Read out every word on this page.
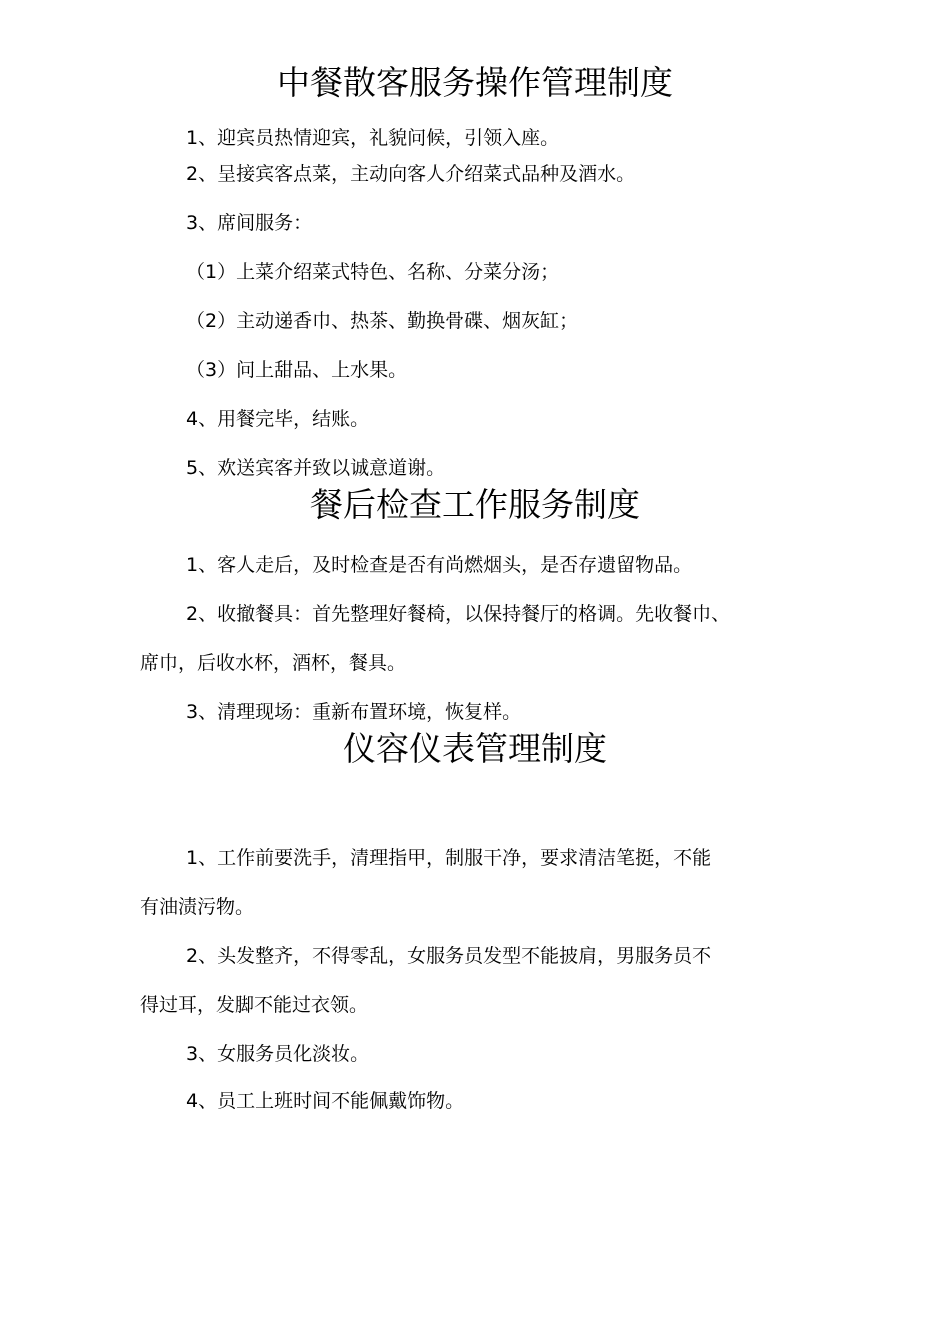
中餐散客服务操作管理制度
1、迎宾员热情迎宾，礼貌问候，引领入座。
2、呈接宾客点菜，主动向客人介绍菜式品种及酒水。
3、席间服务：
（1）上菜介绍菜式特色、名称、分菜分汤；
（2）主动递香巾、热茶、勤换骨碟、烟灰缸；
（3）问上甜品、上水果。
4、用餐完毕，结账。
5、欢送宾客并致以诚意道谢。
餐后检查工作服务制度
1、客人走后，及时检查是否有尚燃烟头，是否存遗留物品。
2、收撤餐具：首先整理好餐椅，以保持餐厅的格调。先收餐巾、
席巾，后收水杯，酒杯，餐具。
3、清理现场：重新布置环境，恢复样。
仪容仪表管理制度
1、工作前要洗手，清理指甲，制服干净，要求清洁笔挺，不能
有油渍污物。
2、头发整齐，不得零乱，女服务员发型不能披肩，男服务员不
得过耳，发脚不能过衣领。
3、女服务员化淡妆。
4、员工上班时间不能佩戴饰物。
